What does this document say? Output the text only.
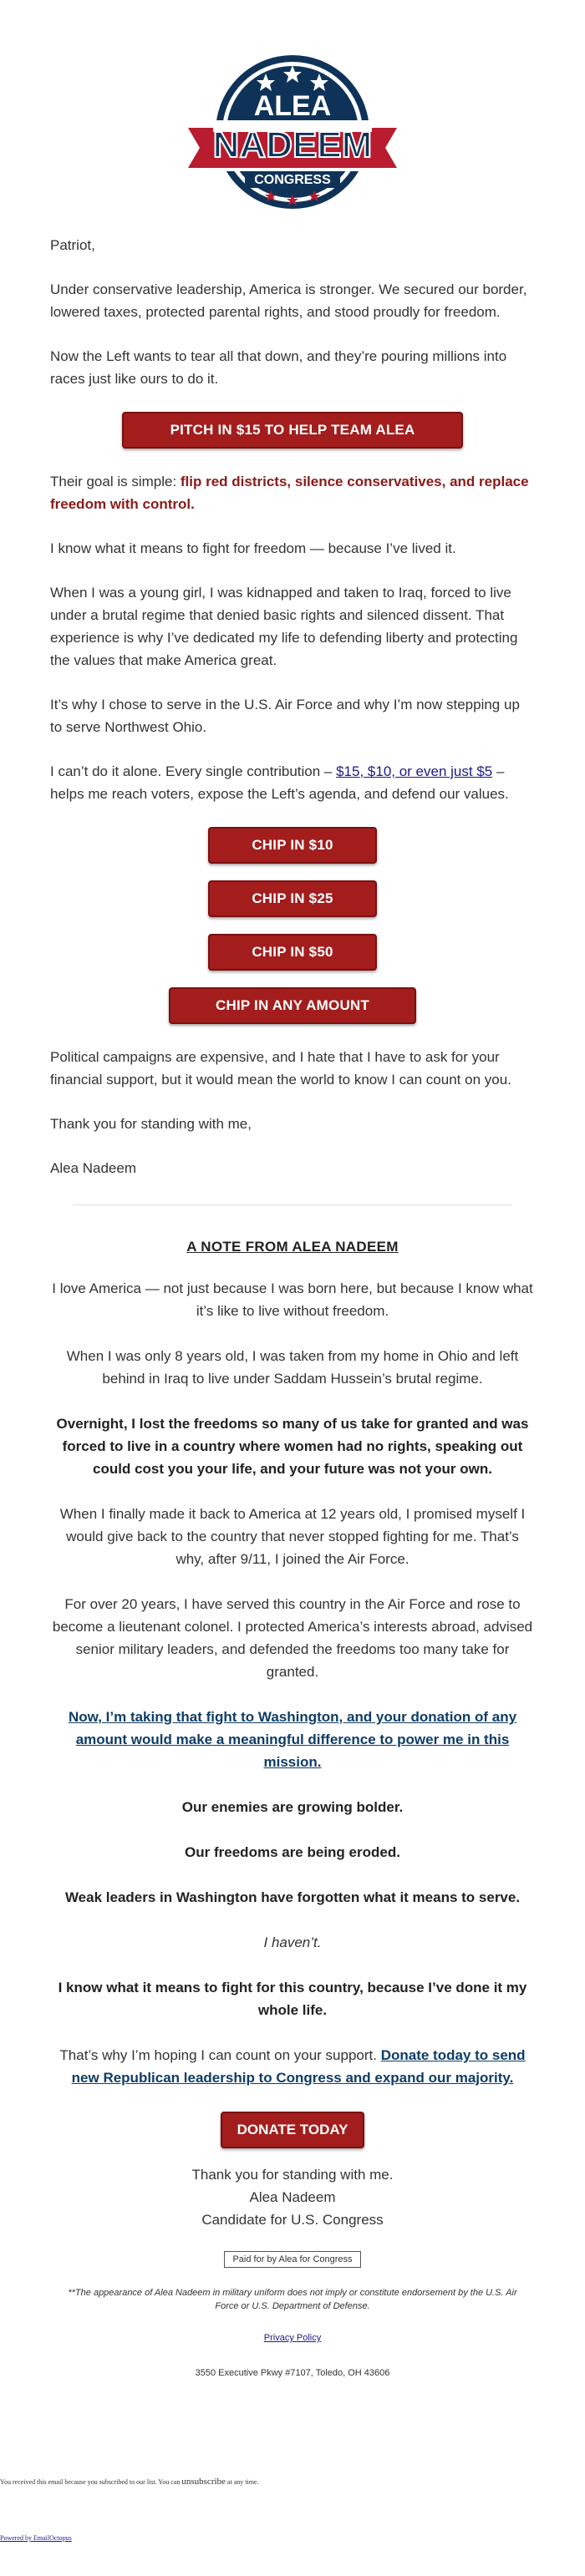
ALEA
NADEEM
CONGRESS

Patriot,

Under conservative leadership, America is stronger. We secured our border, lowered taxes, protected parental rights, and stood proudly for freedom.

Now the Left wants to tear all that down, and they’re pouring millions into races just like ours to do it.

PITCH IN $15 TO HELP TEAM ALEA

Their goal is simple: flip red districts, silence conservatives, and replace freedom with control.

I know what it means to fight for freedom — because I’ve lived it.

When I was a young girl, I was kidnapped and taken to Iraq, forced to live under a brutal regime that denied basic rights and silenced dissent. That experience is why I’ve dedicated my life to defending liberty and protecting the values that make America great.

It’s why I chose to serve in the U.S. Air Force and why I’m now stepping up to serve Northwest Ohio.

I can’t do it alone. Every single contribution – $15, $10, or even just $5 – helps me reach voters, expose the Left’s agenda, and defend our values.

CHIP IN $10
CHIP IN $25
CHIP IN $50
CHIP IN ANY AMOUNT

Political campaigns are expensive, and I hate that I have to ask for your financial support, but it would mean the world to know I can count on you.

Thank you for standing with me,

Alea Nadeem

A NOTE FROM ALEA NADEEM

I love America — not just because I was born here, but because I know what it’s like to live without freedom.

When I was only 8 years old, I was taken from my home in Ohio and left behind in Iraq to live under Saddam Hussein’s brutal regime.

Overnight, I lost the freedoms so many of us take for granted and was forced to live in a country where women had no rights, speaking out could cost you your life, and your future was not your own.

When I finally made it back to America at 12 years old, I promised myself I would give back to the country that never stopped fighting for me. That’s why, after 9/11, I joined the Air Force.

For over 20 years, I have served this country in the Air Force and rose to become a lieutenant colonel. I protected America’s interests abroad, advised senior military leaders, and defended the freedoms too many take for granted.

Now, I’m taking that fight to Washington, and your donation of any amount would make a meaningful difference to power me in this mission.

Our enemies are growing bolder.

Our freedoms are being eroded.

Weak leaders in Washington have forgotten what it means to serve.

I haven’t.

I know what it means to fight for this country, because I’ve done it my whole life.

That’s why I’m hoping I can count on your support. Donate today to send new Republican leadership to Congress and expand our majority.

DONATE TODAY

Thank you for standing with me.

Alea Nadeem

Candidate for U.S. Congress

Paid for by Alea for Congress

**The appearance of Alea Nadeem in military uniform does not imply or constitute endorsement by the U.S. Air Force or U.S. Department of Defense.

Privacy Policy

3550 Executive Pkwy #7107, Toledo, OH 43606

You received this email because you subscribed to our list. You can unsubscribe at any time.
Powered by EmailOctopus
